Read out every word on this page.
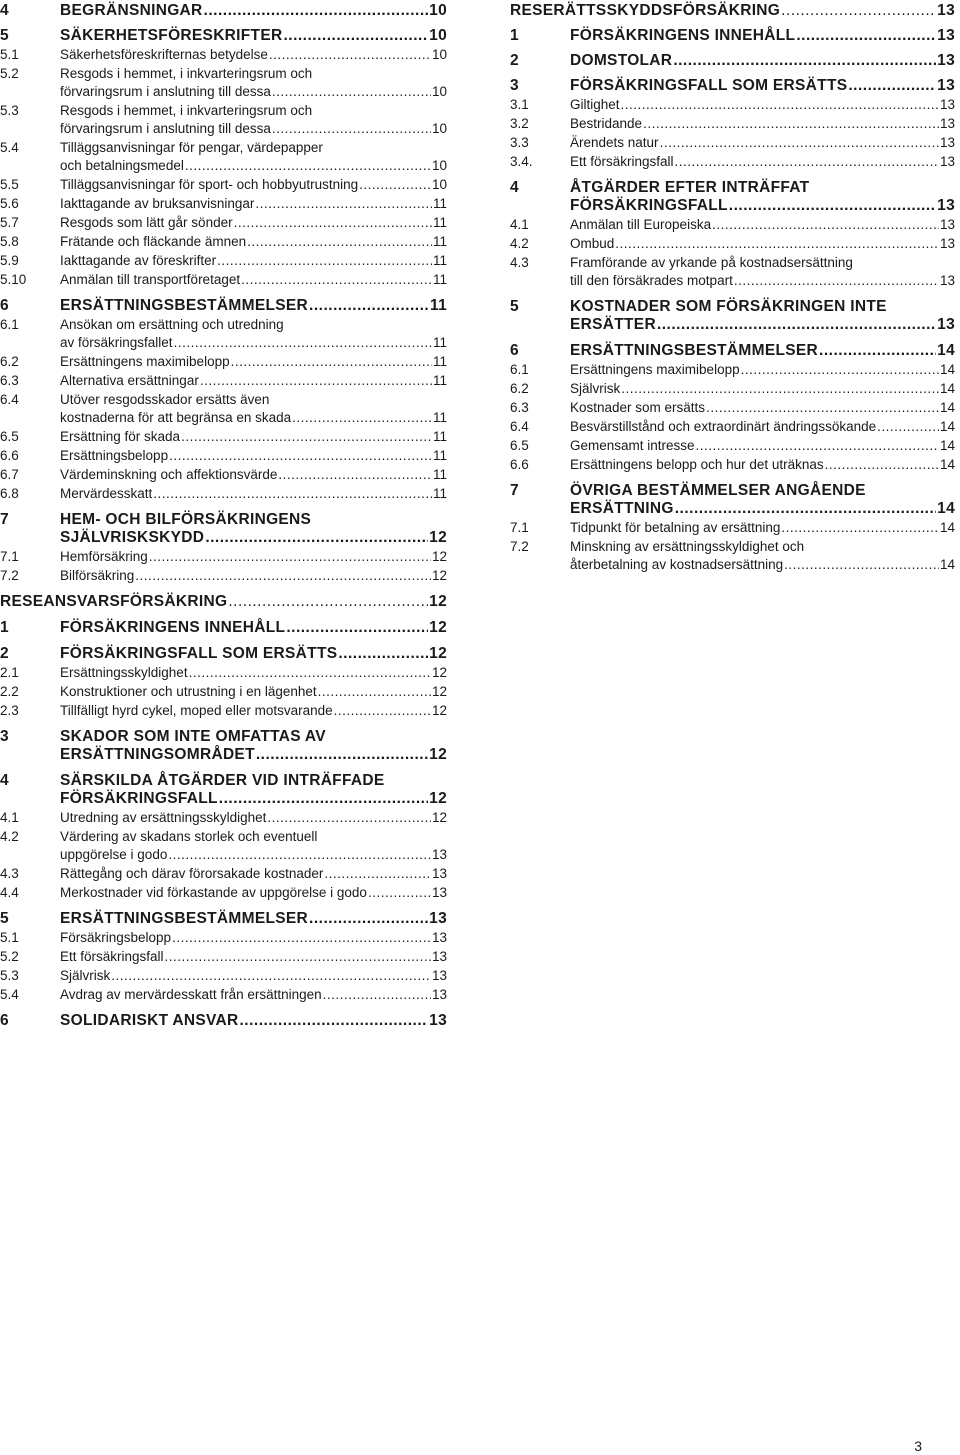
4	BEGRÄNSNINGAR .....	10
5	SÄKERHETSFÖRESKRIFTER .....	10
5.1	Säkerhetsföreskrifternas betydelse .....	10
5.2	Resgods i hemmet, i inkvarteringsrum och
förvaringsrum i anslutning till dessa .....	10
5.3	Resgods i hemmet, i inkvarteringsrum och
förvaringsrum i anslutning till dessa .....	10
5.4	Tilläggsanvisningar för pengar, värdepapper
och betalningsmedel .....	10
5.5	Tilläggsanvisningar för sport- och hobbyutrustning .....	10
5.6	Iakttagande av bruksanvisningar .....	11
5.7	Resgods som lätt går sönder .....	11
5.8	Frätande och fläckande ämnen .....	11
5.9	Iakttagande av föreskrifter .....	11
5.10 Anmälan till transportföretaget .....	11
6	ERSÄTTNINGSBESTÄMMELSER .....	11
6.1	Ansökan om ersättning och utredning
av försäkringsfallet .....	11
6.2	Ersättningens maximibelopp .....	11
6.3	Alternativa ersättningar .....	11
6.4	Utöver resgodsskador ersätts även
kostnaderna för att begränsa en skada .....	11
6.5	Ersättning för skada .....	11
6.6	Ersättningsbelopp .....	11
6.7	Värdeminskning och affektionsvärde .....	11
6.8	Mervärdesskatt .....	11
7	HEM- OCH BILFÖRSÄKRINGENS
SJÄLVRISKSKYDD .....	12
7.1	Hemförsäkring .....	12
7.2	Bilförsäkring .....	12
RESEANSVARSFÖRSÄKRING .....	12
1	FÖRSÄKRINGENS INNEHÅLL .....	12
2	FÖRSÄKRINGSFALL SOM ERSÄTTS .....	12
2.1	Ersättningsskyldighet .....	12
2.2	Konstruktioner och utrustning i en lägenhet .....	12
2.3	Tillfälligt hyrd cykel, moped eller motsvarande .....	12
3	SKADOR SOM INTE OMFATTAS AV
ERSÄTTNINGSOMRÅDET .....	12
4	SÄRSKILDA ÅTGÄRDER VID INTRÄFFADE
FÖRSÄKRINGSFALL .....	12
4.1	Utredning av ersättningsskyldighet .....	12
4.2	Värdering av skadans storlek och eventuell
uppgörelse i godo .....	13
4.3	Rättegång och därav förorsakade kostnader .....	13
4.4	Merkostnader vid förkastande av uppgörelse i godo .....	13
5	ERSÄTTNINGSBESTÄMMELSER .....	13
5.1	Försäkringsbelopp .....	13
5.2	Ett försäkringsfall .....	13
5.3	Självrisk .....	13
5.4	Avdrag av mervärdesskatt från ersättningen .....	13
6	SOLIDARISKT ANSVAR .....	13
RESERÄTTSSKYDDSFÖRSÄKRING .....	13
1	FÖRSÄKRINGENS INNEHÅLL .....	13
2	DOMSTOLAR .....	13
3	FÖRSÄKRINGSFALL SOM ERSÄTTS .....	13
3.1	Giltighet .....	13
3.2	Bestridande .....	13
3.3	Ärendets natur .....	13
3.4.	Ett försäkringsfall .....	13
4	ÅTGÄRDER EFTER INTRÄFFAT
FÖRSÄKRINGSFALL .....	13
4.1	Anmälan till Europeiska .....	13
4.2	Ombud .....	13
4.3	Framförande av yrkande på kostnadsersättning
till den försäkrades motpart .....	13
5	KOSTNADER SOM FÖRSÄKRINGEN INTE
ERSÄTTER .....	13
6	ERSÄTTNINGSBESTÄMMELSER .....	14
6.1	Ersättningens maximibelopp .....	14
6.2	Självrisk .....	14
6.3	Kostnader som ersätts .....	14
6.4	Besvärstillstånd och extraordinärt ändringssökande .....	14
6.5	Gemensamt intresse .....	14
6.6	Ersättningens belopp och hur det uträknas .....	14
7	ÖVRIGA BESTÄMMELSER ANGÅENDE
ERSÄTTNING .....	14
7.1	Tidpunkt för betalning av ersättning .....	14
7.2	Minskning av ersättningsskyldighet och
återbetalning av kostnadsersättning .....	14
3
